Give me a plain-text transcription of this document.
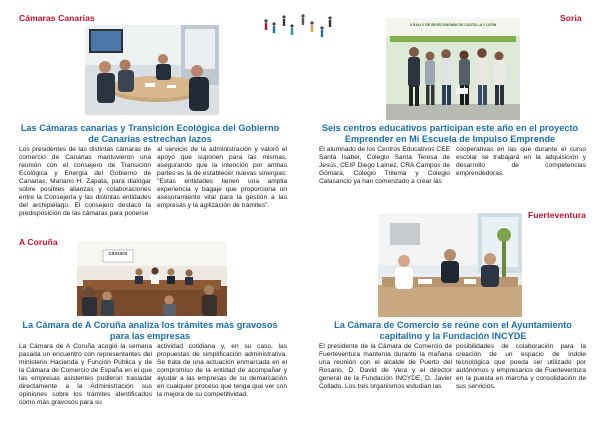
Cámaras Canarias
Las Cámaras canarias y Transición Ecológica del Gobierno de Canarias estrechan lazos
Los presidentes de las distintas cámaras de comercio de Canarias mantuvieron una reunión con el consejero de Transición Ecológica y Energía del Gobierno de Canarias, Mariano H. Zapata, para dialogar sobre posibles alianzas y colaboraciones entre la Consejería y las distintas entidades del archipiélago. El consejero destacó la predisposición de las cámaras para ponerse
al servicio de la administración y valoró el apoyo que suponen para las mismas, asegurando que la intención por ambas partes es la de establecer nuevas sinergias: "Estas entidades tienen una amplia experiencia y bagaje que proporciona un asesoramiento vital para la gestión a las empresas y la agilización de trámites".
Soria
II RALLY DE BIOECONOMÍA DE CASTILLA Y LEÓN
Seis centros educativos participan este año en el proyecto Emprender en Mi Escuela de Impulso Emprende
El alumnado de los Centros Educativos CEE Santa Isabel, Colegio Santa Teresa de Jesús, CEIP Diego Laínez, CRA Campos de Gómara, Colegio Trilema y Colegio Calasancio ya han comenzado a crear las
cooperativas en las que durante el curso escolar se trabajará en la adquisición y desarrollo de competencias emprendedoras.
A Coruña
cámara
La Cámara de A Coruña analiza los trámites más gravosos para las empresas
La Cámara de A Coruña acogió la semana pasada un encuentro con representantes del ministerio Hacienda y Función Pública y de la Cámara de Comercio de España en el que las empresas asistentes pudieron trasladar directamente a la Administración sus opiniones sobre los trámites identificados como más gravosos para su
actividad cotidiana y, en su caso, las propuestas de simplificación administrativa. Se trata de una actuación enmarcada en el compromiso de la entidad de acompañar y ayudar a las empresas de su demarcación en cualquier proceso que tenga que ver con la mejora de su competitividad.
Fuerteventura
La Cámara de Comercio se reúne con el Ayuntamiento capitalino y la Fundación INCYDE
El presidente de la Cámara de Comercio de Fuerteventura mantenía durante la mañana una reunión con el alcalde de Puerto del Rosario, D. David de Vera y el director general de la Fundación INCYDE, D. Javier Collado. Los tres organismos estudian las
posibilidades de colaboración para la creación de un espacio de índole tecnológica que pueda ser utilizado por autónomos y empresarios de Fuerteventura en la puesta en marcha y consolidación de sus servicios.
